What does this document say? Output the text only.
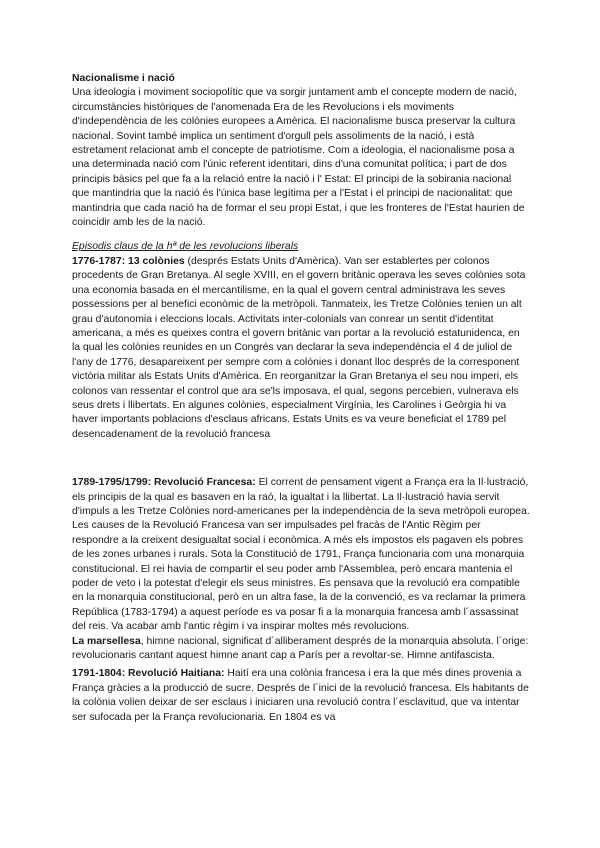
Nacionalisme i nació

Una ideologia i moviment sociopolític que va sorgir juntament amb el concepte modern de nació, circumstàncies històriques de l'anomenada Era de les Revolucions i els moviments d'independència de les colònies europees a Amèrica. El nacionalisme busca preservar la cultura nacional. Sovint també implica un sentiment d'orgull pels assoliments de la nació, i està estretament relacionat amb el concepte de patriotisme. Com a ideologia, el nacionalisme posa a una determinada nació com l'únic referent identitari, dins d'una comunitat política; i part de dos principis bàsics pel que fa a la relació entre la nació i l' Estat: El principi de la sobirania nacional que mantindria que la nació és l'única base legítima per a l'Estat i el principi de nacionalitat: que mantindria que cada nació ha de formar el seu propi Estat, i que les fronteres de l'Estat haurien de coincidir amb les de la nació.

Episodis claus de la hª de les revolucions liberals

1776-1787: 13 colònies (després Estats Units d'Amèrica). Van ser establertes per colonos procedents de Gran Bretanya. Al segle XVIII, en el govern britànic operava les seves colònies sota una economia basada en el mercantilisme, en la qual el govern central administrava les seves possessions per al benefici econòmic de la metròpoli. Tanmateix, les Tretze Colònies tenien un alt grau d'autonomia i eleccions locals. Activitats inter-colonials van conrear un sentit d'identitat americana, a més es queixes contra el govern britànic van portar a la revolució estatunidenca, en la qual les colònies reunides en un Congrés van declarar la seva independència el 4 de juliol de l'any de 1776, desapareixent per sempre com a colònies i donant lloc després de la corresponent victòria militar als Estats Units d'Amèrica. En reorganitzar la Gran Bretanya el seu nou imperi, els colonos van ressentar el control que ara se'ls imposava, el qual, segons percebien, vulnerava els seus drets i llibertats. En algunes colònies, especialment Virgínia, les Carolines i Geòrgia hi va haver importants poblacions d'esclaus africans. Estats Units es va veure beneficiat el 1789 pel desencadenament de la revolució francesa

1789-1795/1799: Revolució Francesa: El corrent de pensament vigent a França era la Il·lustració, els principis de la qual es basaven en la raó, la igualtat i la llibertat. La Il·lustració havia servit d'impuls a les Tretze Colònies nord-americanes per la independència de la seva metròpoli europea. Les causes de la Revolució Francesa van ser impulsades pel fracàs de l'Antic Règim per respondre a la creixent desigualtat social i econòmica. A més els impostos els pagaven els pobres de les zones urbanes i rurals. Sota la Constitució de 1791, França funcionaria com una monarquia constitucional. El rei havia de compartir el seu poder amb l'Assemblea, però encara mantenia el poder de veto i la potestat d'elegir els seus ministres. Es pensava que la revolució era compatible en la monarquia constitucional, però en un altra fase, la de la convenció, es va reclamar la primera República (1783-1794) a aquest període es va posar fi a la monarquia francesa amb l´assassinat del reis. Va acabar amb l'antic règim i va inspirar moltes més revolucions.

La marsellesa, himne nacional, significat d´alliberament després de la monarquia absoluta. l´orige: revolucionaris cantant aquest himne anant cap a París per a revoltar-se. Himne antifascista.

1791-1804: Revolució Haitiana: Haití era una colònia francesa i era la que més dines provenia a França gràcies a la producció de sucre. Després de l´inici de la revolució francesa. Els habitants de la colònia volien deixar de ser esclaus i iniciaren una revolució contra l´esclavitud, que va intentar ser sufocada per la França revolucionaria. En 1804 es va
